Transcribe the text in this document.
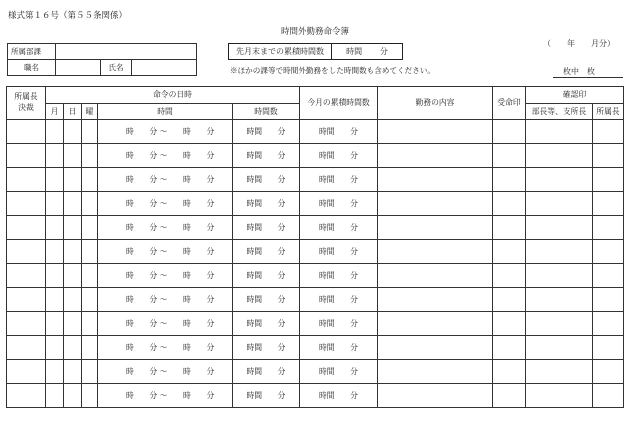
様式第１６号（第５５条関係）
時間外勤務命令簿
所属部課			
職名		氏名	
先月末までの累積時間数	時間 分
※ほかの課等で時間外勤務をした時間数も含めてください。
（　　年　　月分）
枚中　枚
所属長
決裁	命令の日時					今月の累積時間数	勤務の内容	受命印	確認印	
	月	日	曜	時間	時間数				部長等、支所長	所属長
				時　　分 〜　　時　　分	時間　　分	時間　　分				
				時　　分 〜　　時　　分	時間　　分	時間　　分				
				時　　分 〜　　時　　分	時間　　分	時間　　分				
				時　　分 〜　　時　　分	時間　　分	時間　　分				
				時　　分 〜　　時　　分	時間　　分	時間　　分				
				時　　分 〜　　時　　分	時間　　分	時間　　分				
				時　　分 〜　　時　　分	時間　　分	時間　　分				
				時　　分 〜　　時　　分	時間　　分	時間　　分				
				時　　分 〜　　時　　分	時間　　分	時間　　分				
				時　　分 〜　　時　　分	時間　　分	時間　　分				
				時　　分 〜　　時　　分	時間　　分	時間　　分				
				時　　分 〜　　時　　分	時間　　分	時間　　分				
